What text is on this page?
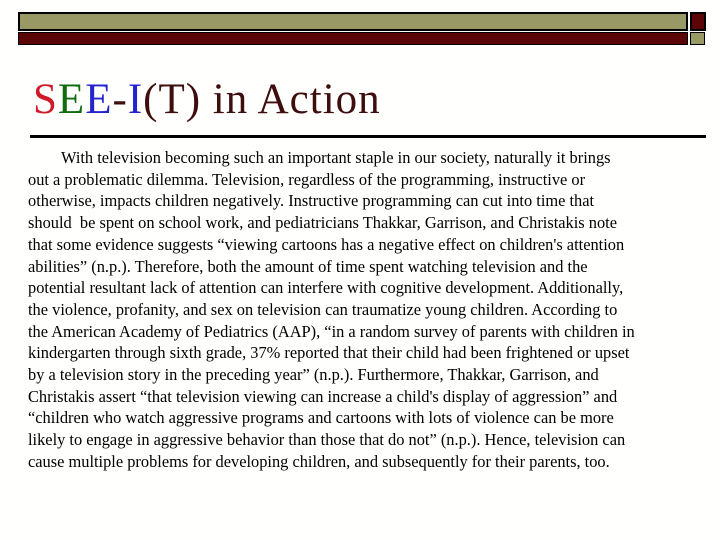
SEE-I(T) in Action
With television becoming such an important staple in our society, naturally it brings
out a problematic dilemma. Television, regardless of the programming, instructive or
otherwise, impacts children negatively. Instructive programming can cut into time that
should  be spent on school work, and pediatricians Thakkar, Garrison, and Christakis note
that some evidence suggests “viewing cartoons has a negative effect on children's attention
abilities” (n.p.). Therefore, both the amount of time spent watching television and the
potential resultant lack of attention can interfere with cognitive development. Additionally,
the violence, profanity, and sex on television can traumatize young children. According to
the American Academy of Pediatrics (AAP), “in a random survey of parents with children in
kindergarten through sixth grade, 37% reported that their child had been frightened or upset
by a television story in the preceding year” (n.p.). Furthermore, Thakkar, Garrison, and
Christakis assert “that television viewing can increase a child's display of aggression” and
“children who watch aggressive programs and cartoons with lots of violence can be more
likely to engage in aggressive behavior than those that do not” (n.p.). Hence, television can
cause multiple problems for developing children, and subsequently for their parents, too.
